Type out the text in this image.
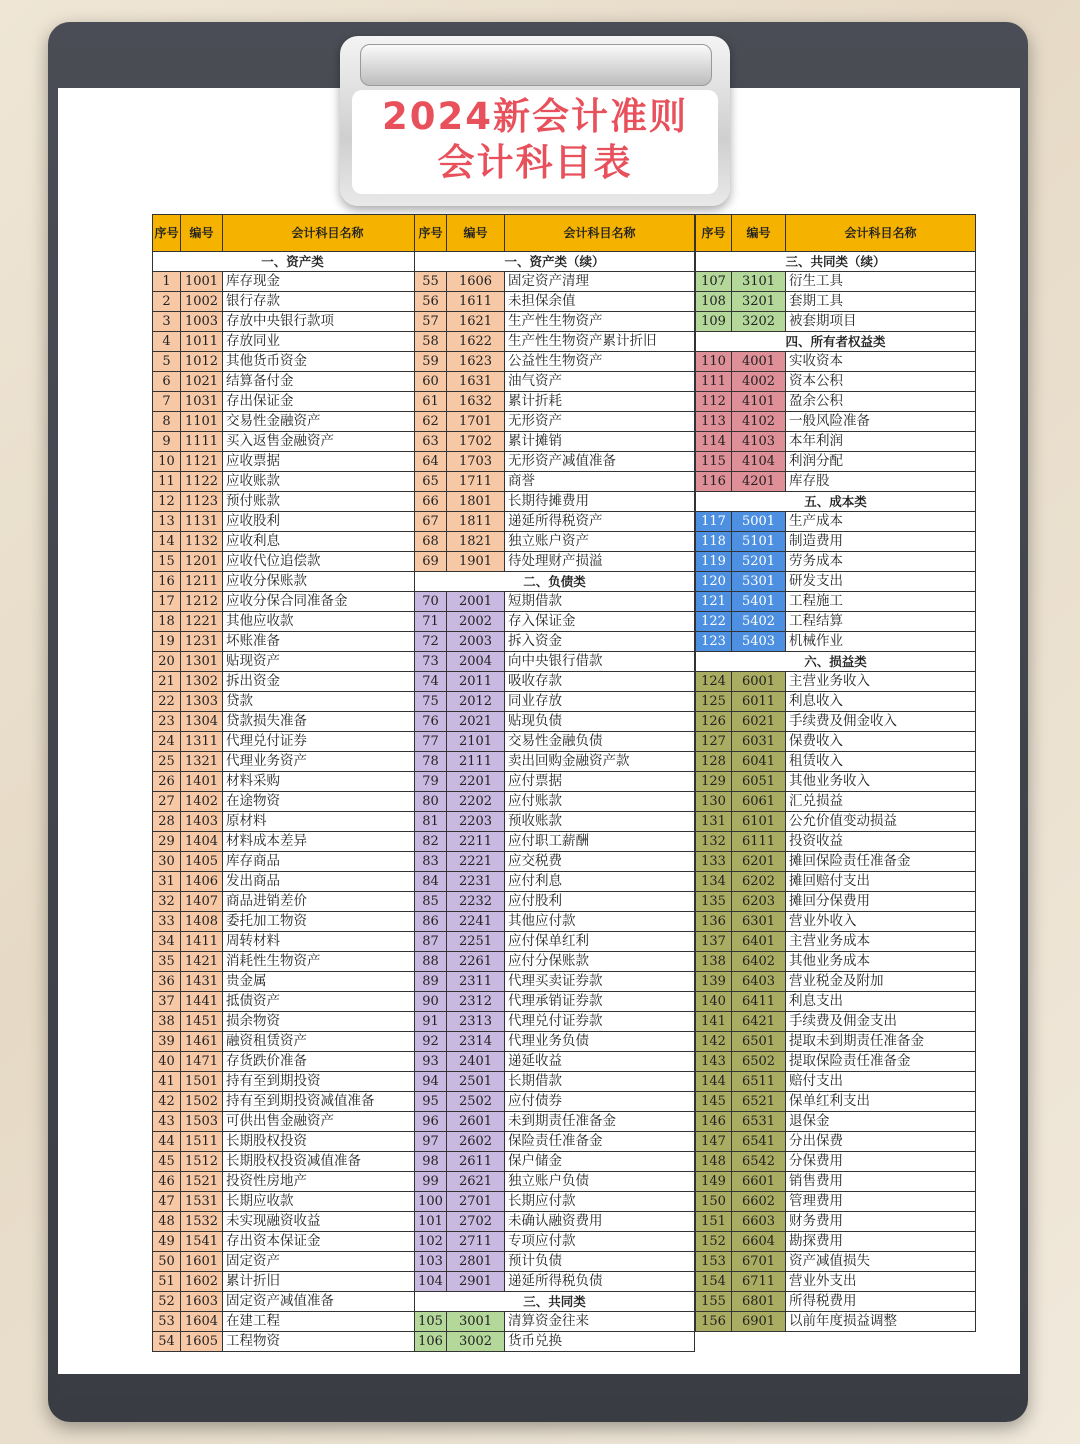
2024新会计准则
会计科目表
序号	编号	会计科目名称
一、资产类		
1	1001	库存现金
2	1002	银行存款
3	1003	存放中央银行款项
4	1011	存放同业
5	1012	其他货币资金
6	1021	结算备付金
7	1031	存出保证金
8	1101	交易性金融资产
9	1111	买入返售金融资产
10	1121	应收票据
11	1122	应收账款
12	1123	预付账款
13	1131	应收股利
14	1132	应收利息
15	1201	应收代位追偿款
16	1211	应收分保账款
17	1212	应收分保合同准备金
18	1221	其他应收款
19	1231	坏账准备
20	1301	贴现资产
21	1302	拆出资金
22	1303	贷款
23	1304	贷款损失准备
24	1311	代理兑付证券
25	1321	代理业务资产
26	1401	材料采购
27	1402	在途物资
28	1403	原材料
29	1404	材料成本差异
30	1405	库存商品
31	1406	发出商品
32	1407	商品进销差价
33	1408	委托加工物资
34	1411	周转材料
35	1421	消耗性生物资产
36	1431	贵金属
37	1441	抵债资产
38	1451	损余物资
39	1461	融资租赁资产
40	1471	存货跌价准备
41	1501	持有至到期投资
42	1502	持有至到期投资减值准备
43	1503	可供出售金融资产
44	1511	长期股权投资
45	1512	长期股权投资减值准备
46	1521	投资性房地产
47	1531	长期应收款
48	1532	未实现融资收益
49	1541	存出资本保证金
50	1601	固定资产
51	1602	累计折旧
52	1603	固定资产减值准备
53	1604	在建工程
54	1605	工程物资
序号	编号	会计科目名称
一、资产类（续）		
55	1606	固定资产清理
56	1611	未担保余值
57	1621	生产性生物资产
58	1622	生产性生物资产累计折旧
59	1623	公益性生物资产
60	1631	油气资产
61	1632	累计折耗
62	1701	无形资产
63	1702	累计摊销
64	1703	无形资产减值准备
65	1711	商誉
66	1801	长期待摊费用
67	1811	递延所得税资产
68	1821	独立账户资产
69	1901	待处理财产损溢
二、负债类		
70	2001	短期借款
71	2002	存入保证金
72	2003	拆入资金
73	2004	向中央银行借款
74	2011	吸收存款
75	2012	同业存放
76	2021	贴现负债
77	2101	交易性金融负债
78	2111	卖出回购金融资产款
79	2201	应付票据
80	2202	应付账款
81	2203	预收账款
82	2211	应付职工薪酬
83	2221	应交税费
84	2231	应付利息
85	2232	应付股利
86	2241	其他应付款
87	2251	应付保单红利
88	2261	应付分保账款
89	2311	代理买卖证券款
90	2312	代理承销证券款
91	2313	代理兑付证券款
92	2314	代理业务负债
93	2401	递延收益
94	2501	长期借款
95	2502	应付债券
96	2601	未到期责任准备金
97	2602	保险责任准备金
98	2611	保户储金
99	2621	独立账户负债
100	2701	长期应付款
101	2702	未确认融资费用
102	2711	专项应付款
103	2801	预计负债
104	2901	递延所得税负债
三、共同类		
105	3001	清算资金往来
106	3002	货币兑换
序号	编号	会计科目名称
三、共同类（续）		
107	3101	衍生工具
108	3201	套期工具
109	3202	被套期项目
四、所有者权益类		
110	4001	实收资本
111	4002	资本公积
112	4101	盈余公积
113	4102	一般风险准备
114	4103	本年利润
115	4104	利润分配
116	4201	库存股
五、成本类		
117	5001	生产成本
118	5101	制造费用
119	5201	劳务成本
120	5301	研发支出
121	5401	工程施工
122	5402	工程结算
123	5403	机械作业
六、损益类		
124	6001	主营业务收入
125	6011	利息收入
126	6021	手续费及佣金收入
127	6031	保费收入
128	6041	租赁收入
129	6051	其他业务收入
130	6061	汇兑损益
131	6101	公允价值变动损益
132	6111	投资收益
133	6201	摊回保险责任准备金
134	6202	摊回赔付支出
135	6203	摊回分保费用
136	6301	营业外收入
137	6401	主营业务成本
138	6402	其他业务成本
139	6403	营业税金及附加
140	6411	利息支出
141	6421	手续费及佣金支出
142	6501	提取未到期责任准备金
143	6502	提取保险责任准备金
144	6511	赔付支出
145	6521	保单红利支出
146	6531	退保金
147	6541	分出保费
148	6542	分保费用
149	6601	销售费用
150	6602	管理费用
151	6603	财务费用
152	6604	勘探费用
153	6701	资产减值损失
154	6711	营业外支出
155	6801	所得税费用
156	6901	以前年度损益调整
